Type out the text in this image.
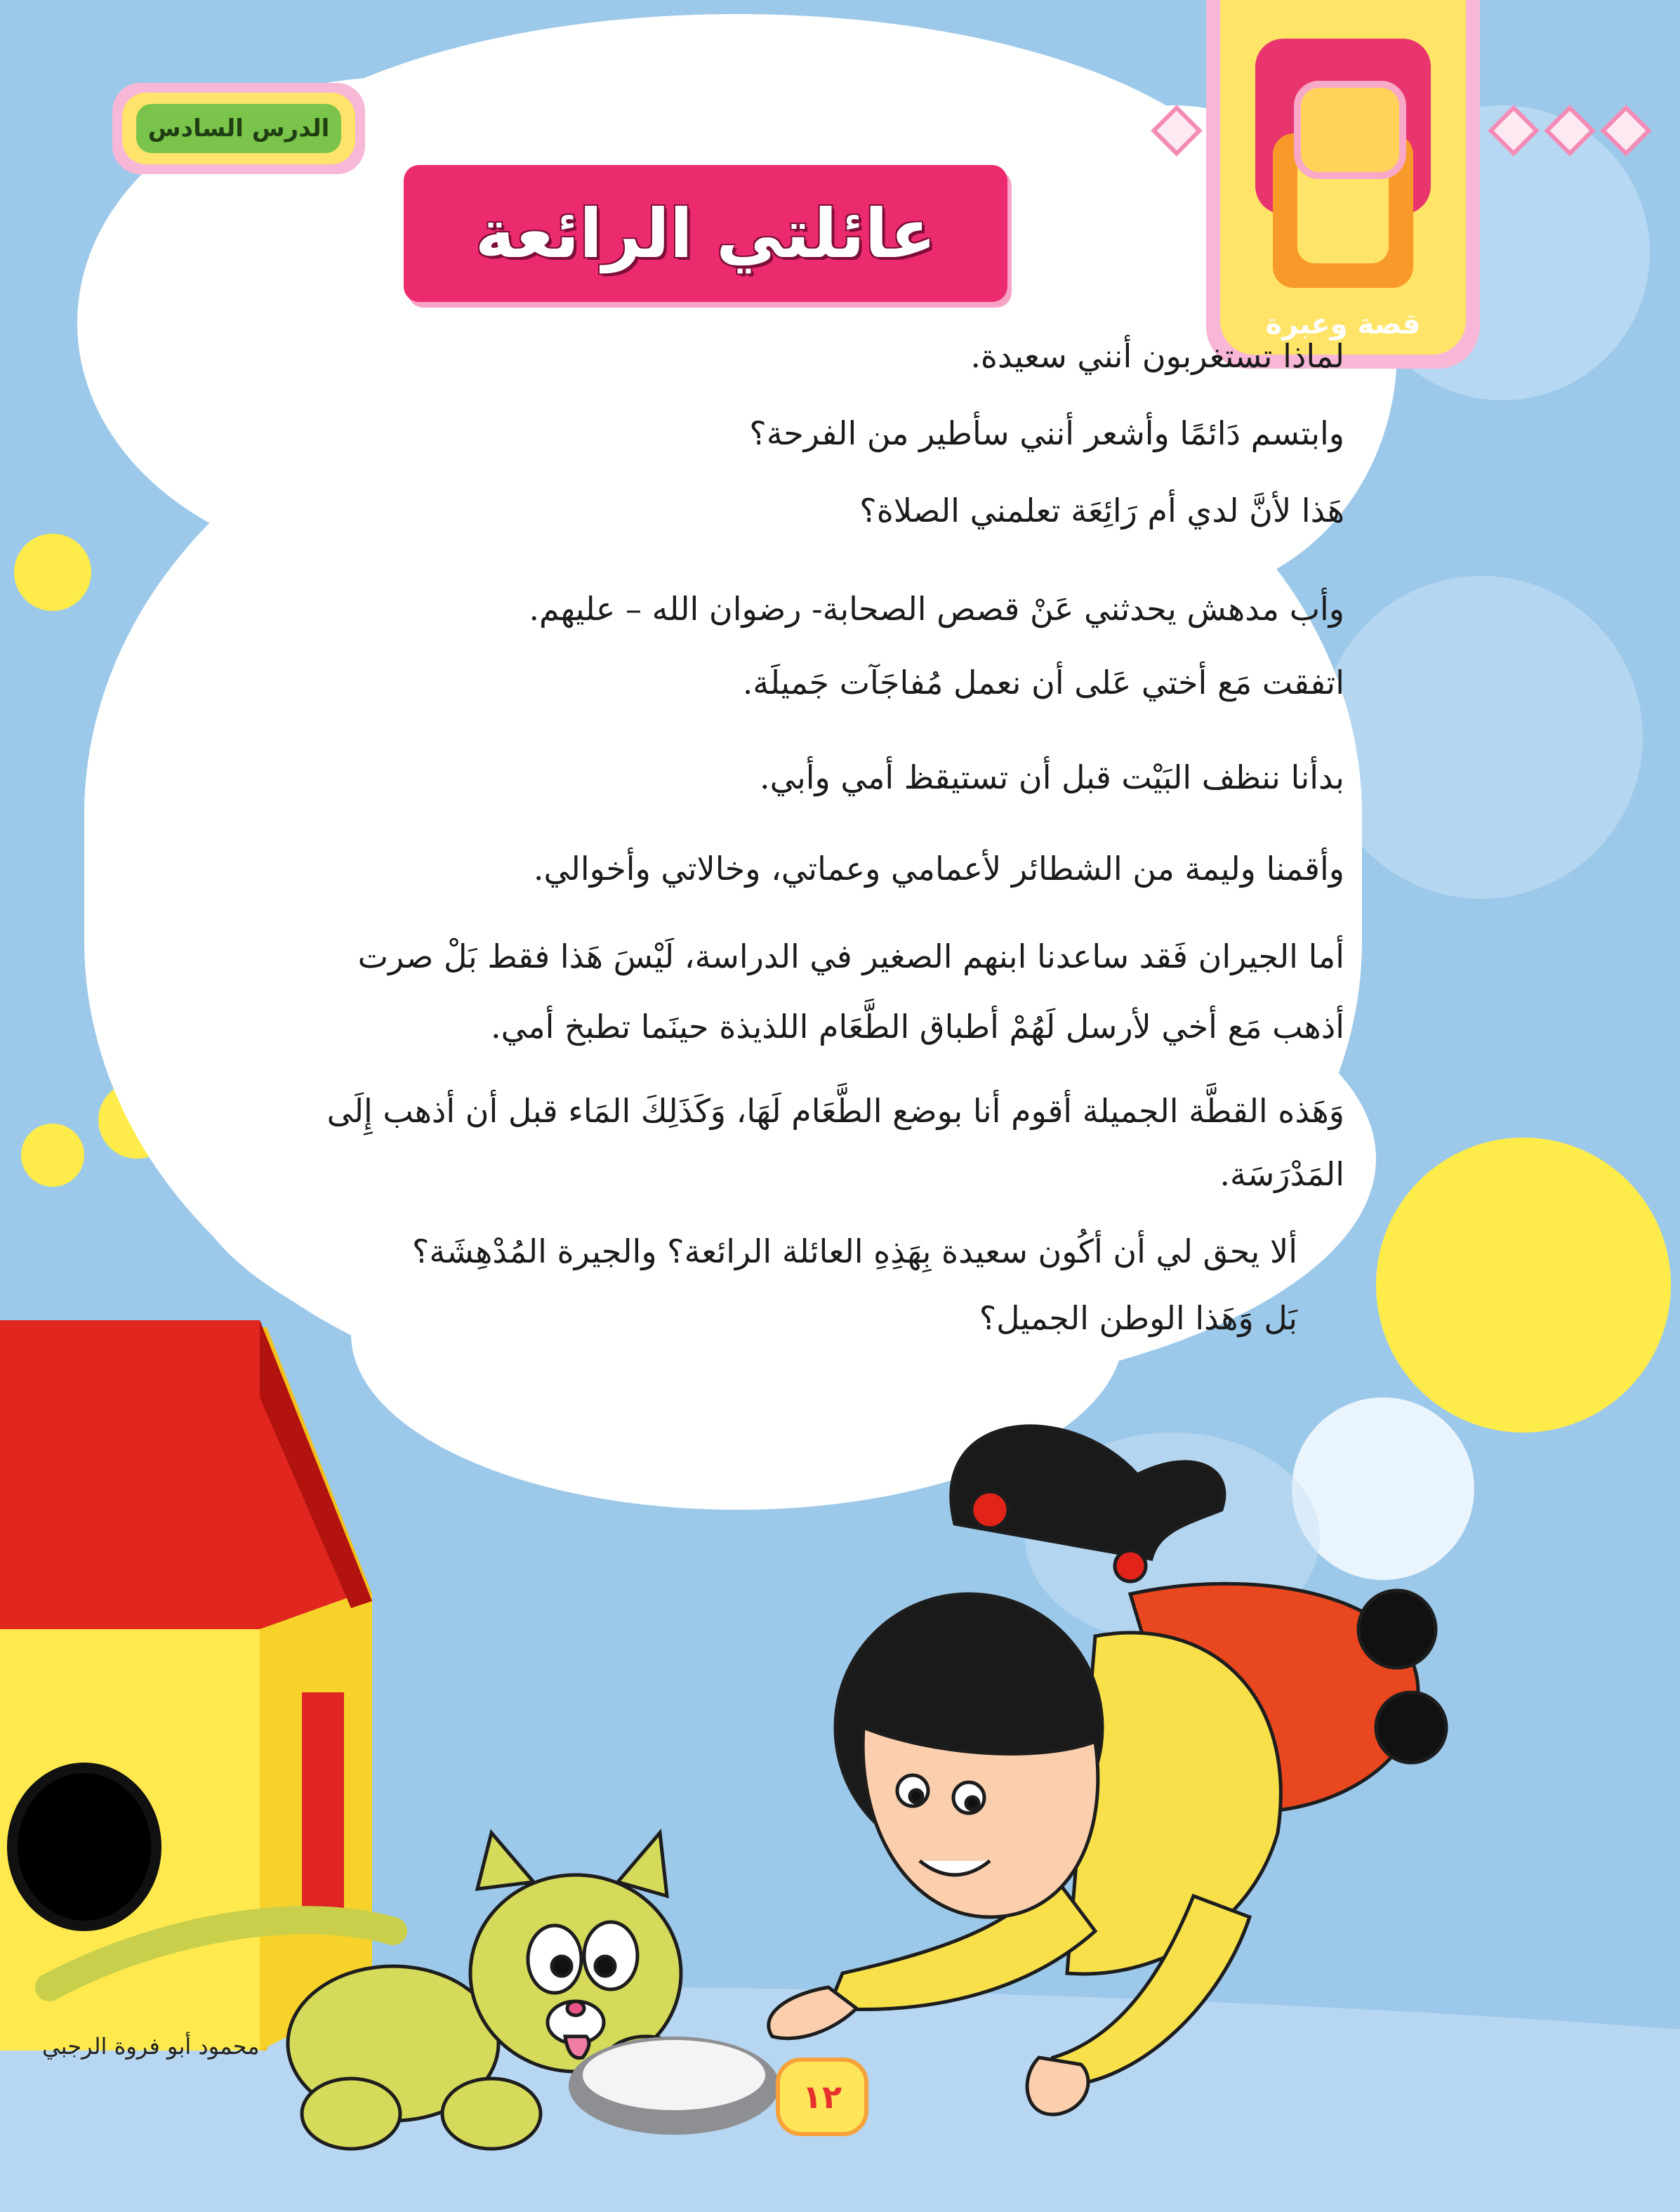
قصة وعبرة
الدرس السادس
عائلتي الرائعة
لماذا تستغربون أنني سعيدة.
وابتسم دَائمًا وأشعر أنني سأطير من الفرحة؟
هَذا لأنَّ لدي أم رَائِعَة تعلمني الصلاة؟
وأب مدهش يحدثني عَنْ قصص الصحابة- رضوان الله – عليهم.
اتفقت مَع أختي عَلى أن نعمل مُفاجَآت جَميلَة.
بدأنا ننظف البَيْت قبل أن تستيقظ أمي وأبي.
وأقمنا وليمة من الشطائر لأعمامي وعماتي، وخالاتي وأخوالي.
أما الجيران فَقد ساعدنا ابنهم الصغير في الدراسة، لَيْسَ هَذا فقط بَلْ صرت
أذهب مَع أخي لأرسل لَهُمْ أطباق الطَّعَام اللذيذة حينَما تطبخ أمي.
وَهَذه القطَّة الجميلة أقوم أنا بوضع الطَّعَام لَهَا، وَكَذَلِكَ المَاء قبل أن أذهب إِلَى
المَدْرَسَة.
ألا يحق لي أن أكُون سعيدة بِهَذِهِ العائلة الرائعة؟ والجيرة المُدْهِشَة؟
بَل وَهَذا الوطن الجميل؟
محمود أبو فروة الرجبي
١٢
